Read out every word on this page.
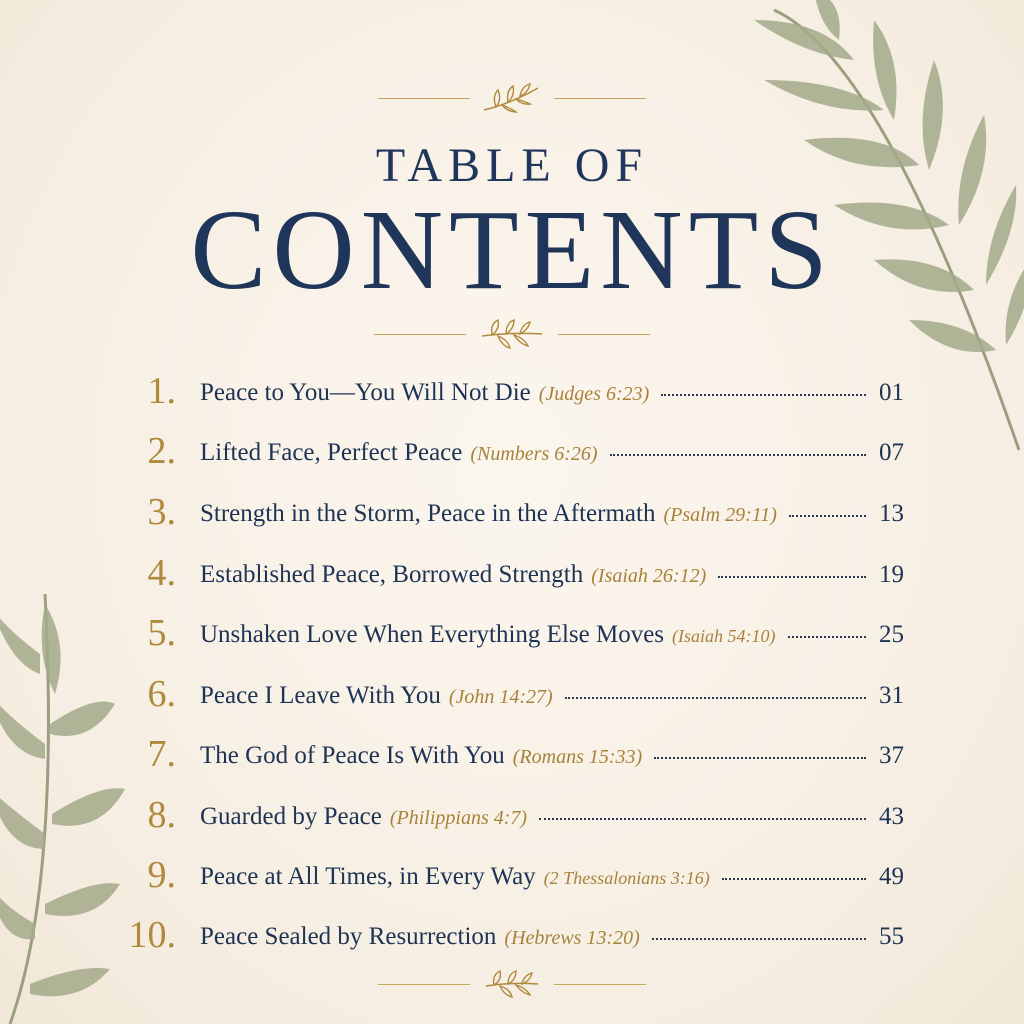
TABLE OF
CONTENTS
1. Peace to You—You Will Not Die (Judges 6:23)	01
2. Lifted Face, Perfect Peace (Numbers 6:26)	07
3. Strength in the Storm, Peace in the Aftermath (Psalm 29:11)	13
4. Established Peace, Borrowed Strength (Isaiah 26:12)	19
5. Unshaken Love When Everything Else Moves (Isaiah 54:10)	25
6. Peace I Leave With You (John 14:27)	31
7. The God of Peace Is With You (Romans 15:33)	37
8. Guarded by Peace (Philippians 4:7)	43
9. Peace at All Times, in Every Way (2 Thessalonians 3:16)	49
10. Peace Sealed by Resurrection (Hebrews 13:20)	55
